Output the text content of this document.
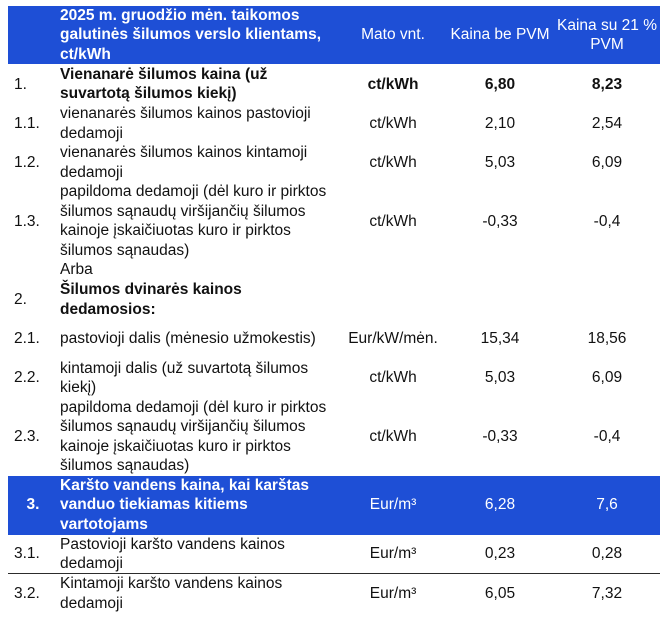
2025 m. gruodžio mėn. taikomos galutinės šilumos verslo klientams, ct/kWh		Mato vnt.	Kaina be PVM	Kaina su 21 % PVM
1.	Vienanarė šilumos kaina (už suvartotą šilumos kiekį)	ct/kWh	6,80	8,23
1.1.	vienanarės šilumos kainos pastovioji dedamoji	ct/kWh	2,10	2,54
1.2.	vienanarės šilumos kainos kintamoji dedamoji	ct/kWh	5,03	6,09
1.3.	papildoma dedamoji (dėl kuro ir pirktos šilumos sąnaudų viršijančių šilumos kainoje įskaičiuotas kuro ir pirktos šilumos sąnaudas)	ct/kWh	-0,33	-0,4
	Arba			
2.	Šilumos dvinarės kainos dedamosios:			
2.1.	pastovioji dalis (mėnesio užmokestis)	Eur/kW/mėn.	15,34	18,56
2.2.	kintamoji dalis (už suvartotą šilumos kiekį)	ct/kWh	5,03	6,09
2.3.	papildoma dedamoji (dėl kuro ir pirktos šilumos sąnaudų viršijančių šilumos kainoje įskaičiuotas kuro ir pirktos šilumos sąnaudas)	ct/kWh	-0,33	-0,4
3.	Karšto vandens kaina, kai karštas vanduo tiekiamas kitiems vartotojams	Eur/m³	6,28	7,6
3.1.	Pastovioji karšto vandens kainos dedamoji	Eur/m³	0,23	0,28
3.2.	Kintamoji karšto vandens kainos dedamoji	Eur/m³	6,05	7,32
